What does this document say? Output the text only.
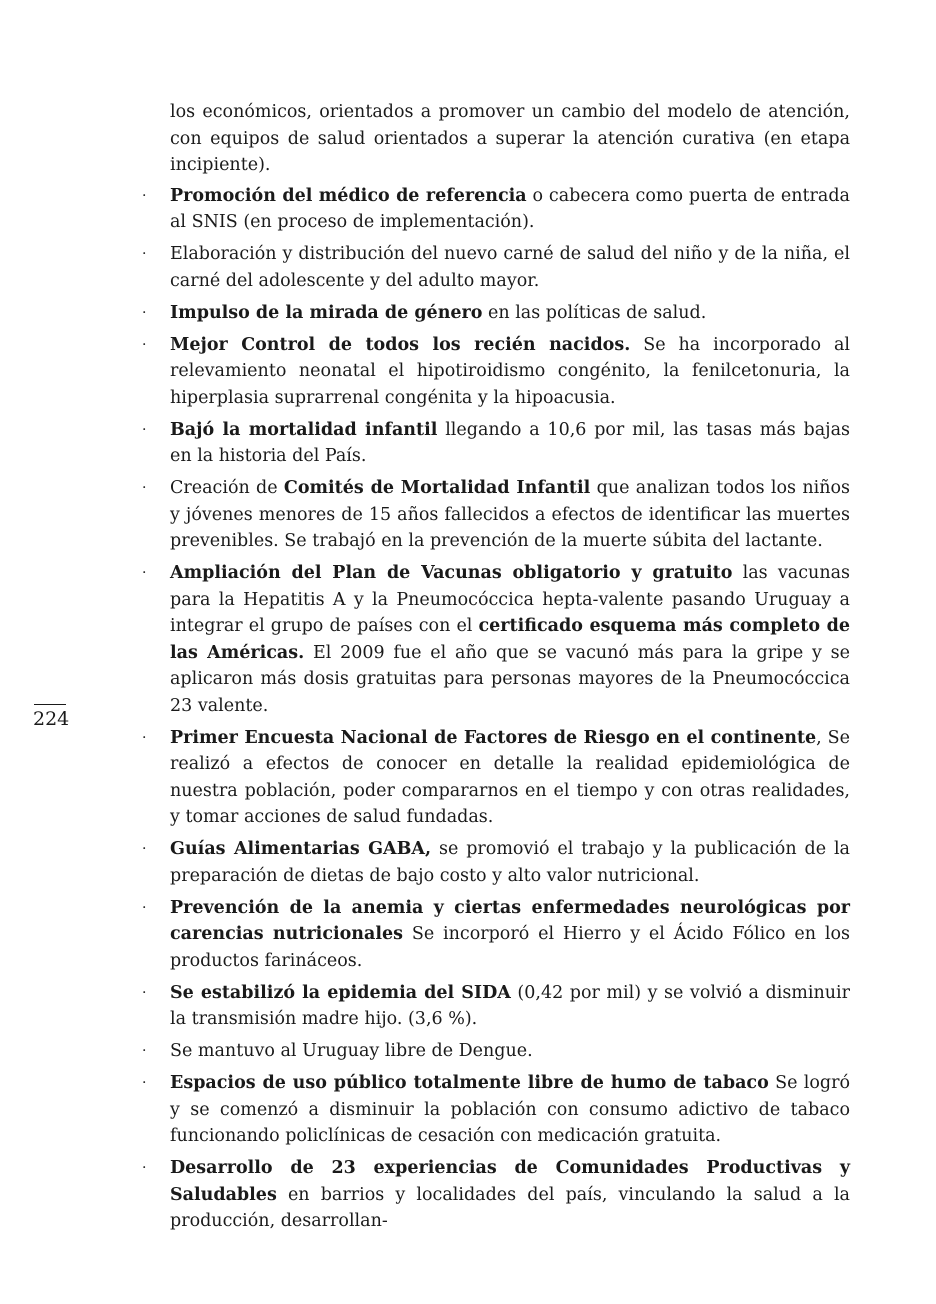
224

los económicos, orientados a promover un cambio del modelo de atención, con equipos de salud orientados a superar la atención curativa (en etapa incipiente).

· Promoción del médico de referencia o cabecera como puerta de entrada al SNIS (en proceso de implementación).
· Elaboración y distribución del nuevo carné de salud del niño y de la niña, el carné del adolescente y del adulto mayor.
· Impulso de la mirada de género en las políticas de salud.
· Mejor Control de todos los recién nacidos. Se ha incorporado al relevamiento neonatal el hipotiroidismo congénito, la fenilcetonuria, la hiperplasia suprarrenal congénita y la hipoacusia.
· Bajó la mortalidad infantil llegando a 10,6 por mil, las tasas más bajas en la historia del País.
· Creación de Comités de Mortalidad Infantil que analizan todos los niños y jóvenes menores de 15 años fallecidos a efectos de identificar las muertes prevenibles. Se trabajó en la prevención de la muerte súbita del lactante.
· Ampliación del Plan de Vacunas obligatorio y gratuito las vacunas para la Hepatitis A y la Pneumocóccica hepta-valente pasando Uruguay a integrar el grupo de países con el certificado esquema más completo de las Américas. El 2009 fue el año que se vacunó más para la gripe y se aplicaron más dosis gratuitas para personas mayores de la Pneumocóccica 23 valente.
· Primer Encuesta Nacional de Factores de Riesgo en el continente, Se realizó a efectos de conocer en detalle la realidad epidemiológica de nuestra población, poder compararnos en el tiempo y con otras realidades, y tomar acciones de salud fundadas.
· Guías Alimentarias GABA, se promovió el trabajo y la publicación de la preparación de dietas de bajo costo y alto valor nutricional.
· Prevención de la anemia y ciertas enfermedades neurológicas por carencias nutricionales Se incorporó el Hierro y el Ácido Fólico en los productos farináceos.
· Se estabilizó la epidemia del SIDA (0,42 por mil) y se volvió a disminuir la transmisión madre hijo. (3,6 %).
· Se mantuvo al Uruguay libre de Dengue.
· Espacios de uso público totalmente libre de humo de tabaco Se logró y se comenzó a disminuir la población con consumo adictivo de tabaco funcionando policlínicas de cesación con medicación gratuita.
· Desarrollo de 23 experiencias de Comunidades Productivas y Saludables en barrios y localidades del país, vinculando la salud a la producción, desarrollan-
